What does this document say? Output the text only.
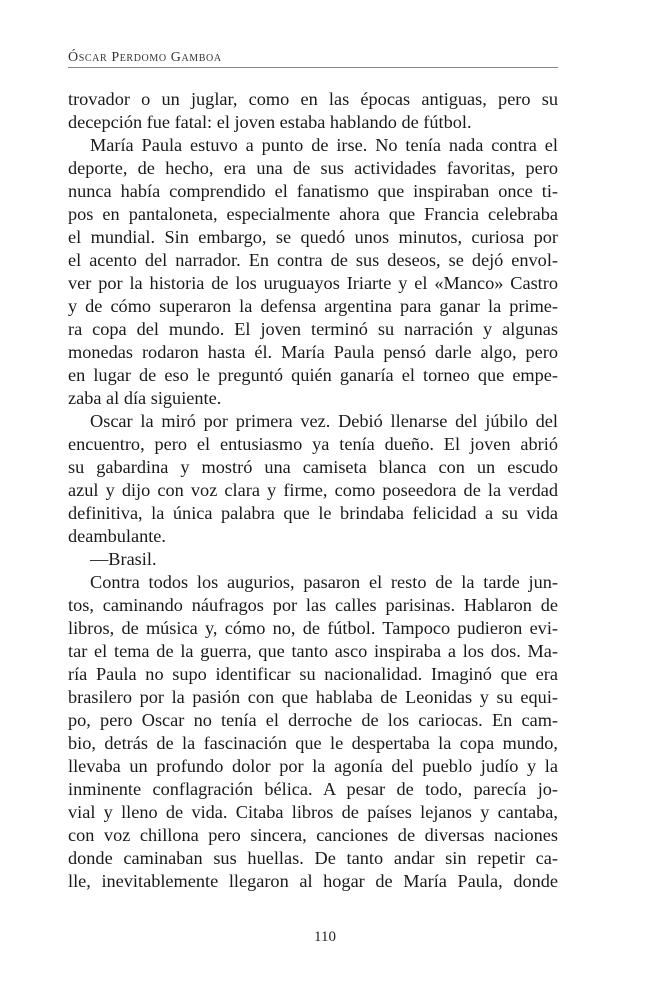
Óscar Perdomo Gamboa
trovador o un juglar, como en las épocas antiguas, pero su
decepción fue fatal: el joven estaba hablando de fútbol.
María Paula estuvo a punto de irse. No tenía nada contra el
deporte, de hecho, era una de sus actividades favoritas, pero
nunca había comprendido el fanatismo que inspiraban once ti-
pos en pantaloneta, especialmente ahora que Francia celebraba
el mundial. Sin embargo, se quedó unos minutos, curiosa por
el acento del narrador. En contra de sus deseos, se dejó envol-
ver por la historia de los uruguayos Iriarte y el «Manco» Castro
y de cómo superaron la defensa argentina para ganar la prime-
ra copa del mundo. El joven terminó su narración y algunas
monedas rodaron hasta él. María Paula pensó darle algo, pero
en lugar de eso le preguntó quién ganaría el torneo que empe-
zaba al día siguiente.
Oscar la miró por primera vez. Debió llenarse del júbilo del
encuentro, pero el entusiasmo ya tenía dueño. El joven abrió
su gabardina y mostró una camiseta blanca con un escudo
azul y dijo con voz clara y firme, como poseedora de la verdad
definitiva, la única palabra que le brindaba felicidad a su vida
deambulante.
—Brasil.
Contra todos los augurios, pasaron el resto de la tarde jun-
tos, caminando náufragos por las calles parisinas. Hablaron de
libros, de música y, cómo no, de fútbol. Tampoco pudieron evi-
tar el tema de la guerra, que tanto asco inspiraba a los dos. Ma-
ría Paula no supo identificar su nacionalidad. Imaginó que era
brasilero por la pasión con que hablaba de Leonidas y su equi-
po, pero Oscar no tenía el derroche de los cariocas. En cam-
bio, detrás de la fascinación que le despertaba la copa mundo,
llevaba un profundo dolor por la agonía del pueblo judío y la
inminente conflagración bélica. A pesar de todo, parecía jo-
vial y lleno de vida. Citaba libros de países lejanos y cantaba,
con voz chillona pero sincera, canciones de diversas naciones
donde caminaban sus huellas. De tanto andar sin repetir ca-
lle, inevitablemente llegaron al hogar de María Paula, donde
110
